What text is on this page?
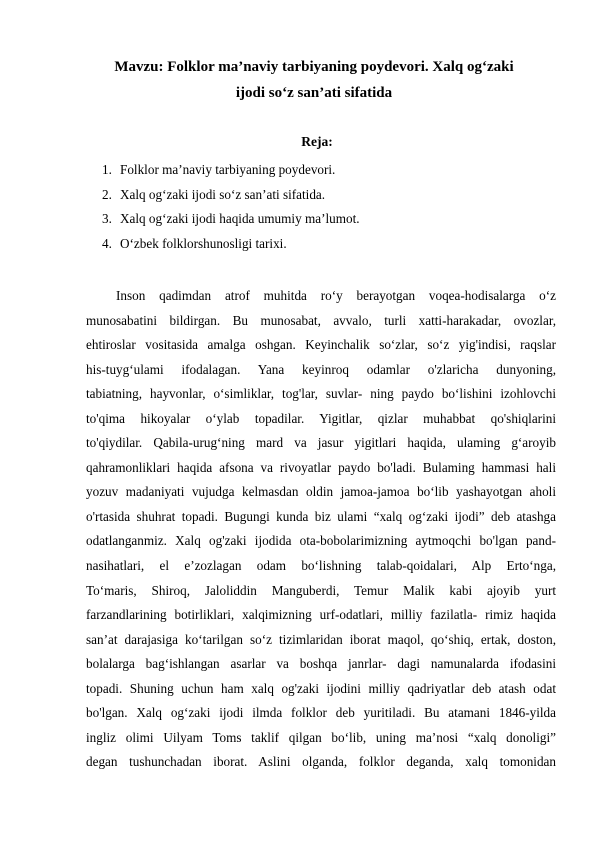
Mavzu: Folklor ma’naviy tarbiyaning poydevori. Xalq og‘zaki
ijodi so‘z san’ati sifatida
Reja:
1. Folklor ma’naviy tarbiyaning poydevori.
2. Xalq og‘zaki ijodi so‘z san’ati sifatida.
3. Xalq og‘zaki ijodi haqida umumiy ma’lumot.
4. O‘zbek folklorshunosligi tarixi.
Inson qadimdan atrof muhitda ro‘y berayotgan voqea-hodisalarga o‘z
munosabatini bildirgan. Bu munosabat, avvalo, turli xatti-harakadar, ovozlar,
ehtiroslar vositasida amalga oshgan. Keyinchalik so‘zlar, so‘z yig'indisi, raqslar
his-tuyg‘ulami ifodalagan. Yana keyinroq odamlar o'zlaricha dunyoning,
tabiatning, hayvonlar, o‘simliklar, tog'lar, suvlar- ning paydo bo‘lishini izohlovchi
to'qima hikoyalar o‘ylab topadilar. Yigitlar, qizlar muhabbat qo'shiqlarini
to'qiydilar. Qabila-urug‘ning mard va jasur yigitlari haqida, ulaming g‘aroyib
qahramonliklari haqida afsona va rivoyatlar paydo bo'ladi. Bulaming hammasi hali
yozuv madaniyati vujudga kelmasdan oldin jamoa-jamoa bo‘lib yashayotgan aholi
o'rtasida shuhrat topadi. Bugungi kunda biz ulami “xalq og‘zaki ijodi” deb atashga
odatlanganmiz. Xalq og'zaki ijodida ota-bobolarimizning aytmoqchi bo'lgan pand-
nasihatlari, el e’zozlagan odam bo‘lishning talab-qoidalari, Alp Erto‘nga,
To‘maris, Shiroq, Jaloliddin Manguberdi, Temur Malik kabi ajoyib yurt
farzandlarining botirliklari, xalqimizning urf-odatlari, milliy fazilatla- rimiz haqida
san’at darajasiga ko‘tarilgan so‘z tizimlaridan iborat maqol, qo‘shiq, ertak, doston,
bolalarga bag‘ishlangan asarlar va boshqa janrlar- dagi namunalarda ifodasini
topadi. Shuning uchun ham xalq og'zaki ijodini milliy qadriyatlar deb atash odat
bo'lgan. Xalq og‘zaki ijodi ilmda folklor deb yuritiladi. Bu atamani 1846-yilda
ingliz olimi Uilyam Toms taklif qilgan bo‘lib, uning ma’nosi “xalq donoligi”
degan tushunchadan iborat. Aslini olganda, folklor deganda, xalq tomonidan
